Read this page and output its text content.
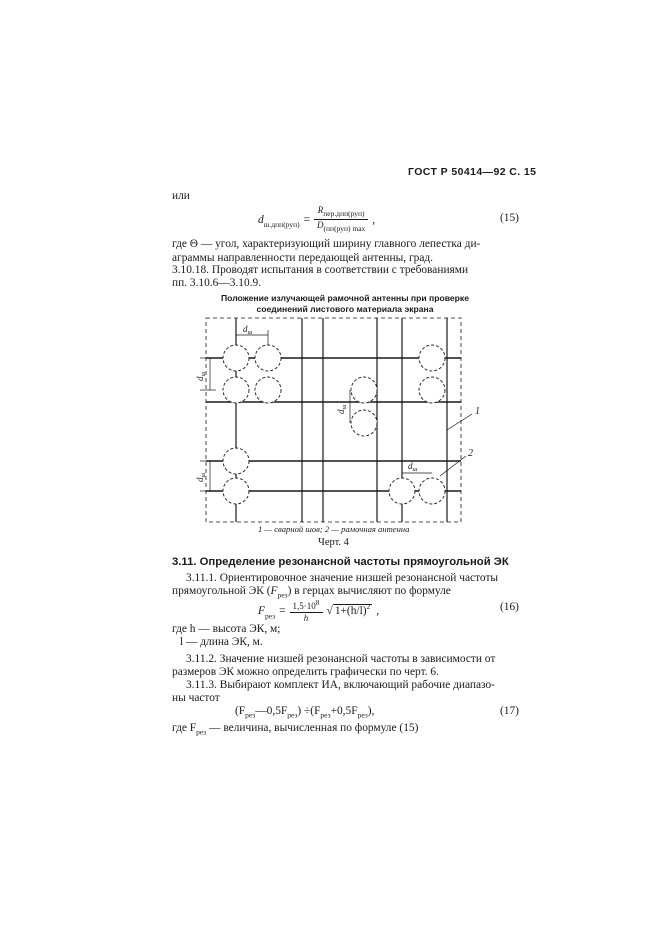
ГОСТ Р 50414—92 С. 15
или
$d_{ш.дпп(руп)} = \frac{R_{пер.дпп(руп)}}{D_{(пп(руп) max}}$ ,	(15)
где Θ — угол, характеризующий ширину главного лепестка ди-
аграммы направленности передающей антенны, град.
3.10.18. Проводят испытания в соответствии с требованиями
пп. 3.10.6—3.10.9.
Положение излучающей рамочной антенны при проверке
соединений листового материала экрана
$d_ш$
$d_ш$
$d_ш$
$d_ш$
$d_ш$
1
2
1 — сварной шов; 2 — рамочная антенна
Черт. 4
3.11. Определение резонансной частоты прямоугольной ЭК
3.11.1. Ориентировочное значение низшей резонансной частоты
прямоугольной ЭК $(F_{рез})$ в герцах вычисляют по формуле
$F_{рез} = \frac{1,5\cdot 10^8}{h}$ √ $1+(h/l)^2$ ,	(16)
где h — высота ЭК, м;
l — длина ЭК, м.
3.11.2. Значение низшей резонансной частоты в зависимости от
размеров ЭК можно определить графически по черт. 6.
3.11.3. Выбирают комплект ИА, включающий рабочие диапазо-
ны частот
$(F_{рез}—0,5F_{рез}) \div(F_{рез}+0,5F_{рез})$,	(17)
где $F_{рез}$ — величина, вычисленная по формуле (15)
